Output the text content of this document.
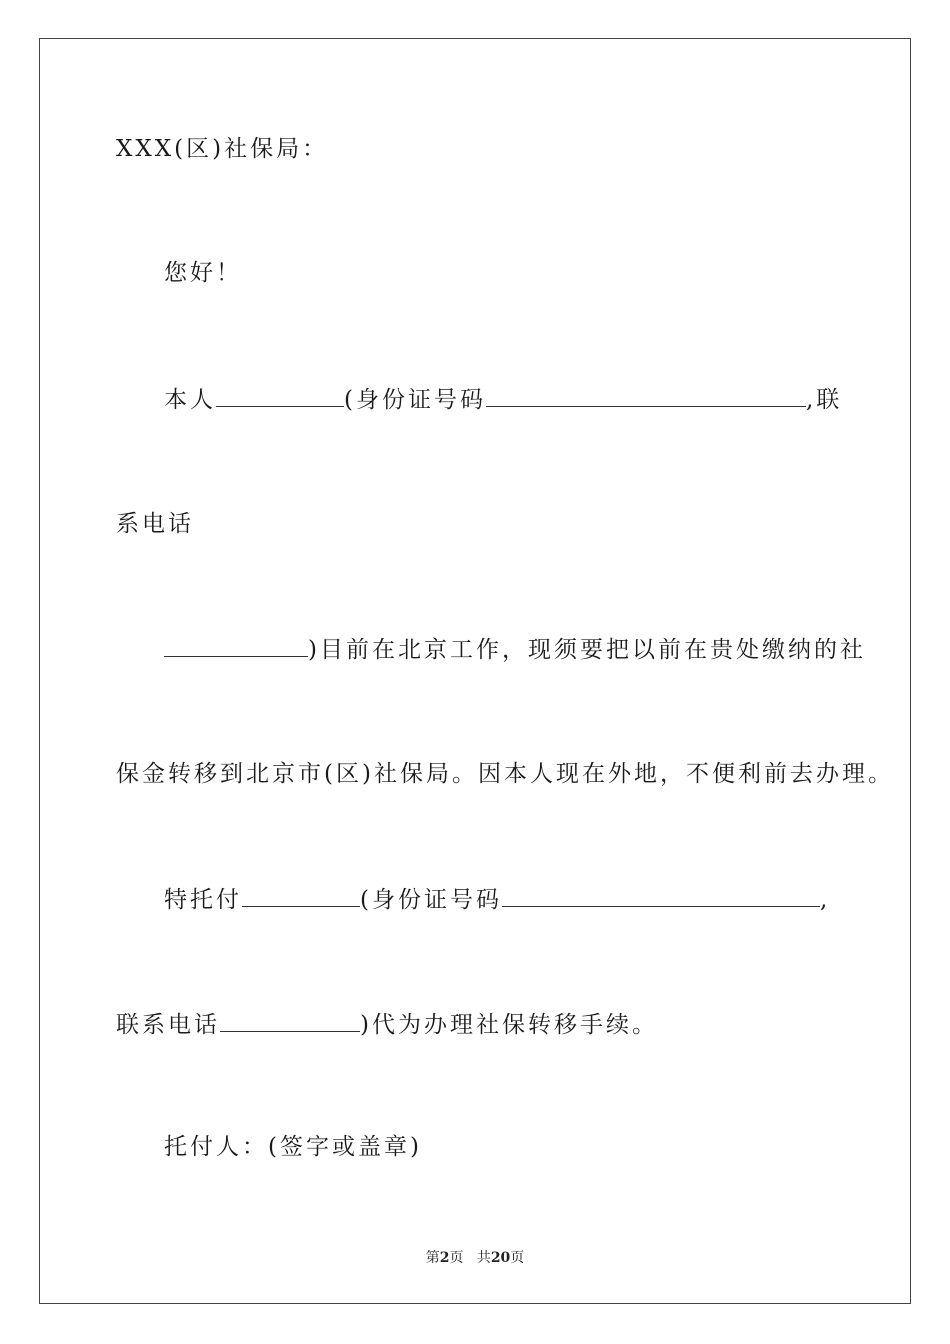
XXX(区)社保局：
您好！
本人	(身份证号码	,联
系电话
)目前在北京工作，现须要把以前在贵处缴纳的社
保金转移到北京市(区)社保局。因本人现在外地，不便利前去办理。
特托付	(身份证号码	,
联系电话	)代为办理社保转移手续。
托付人：(签字或盖章)
第2页 共20页
